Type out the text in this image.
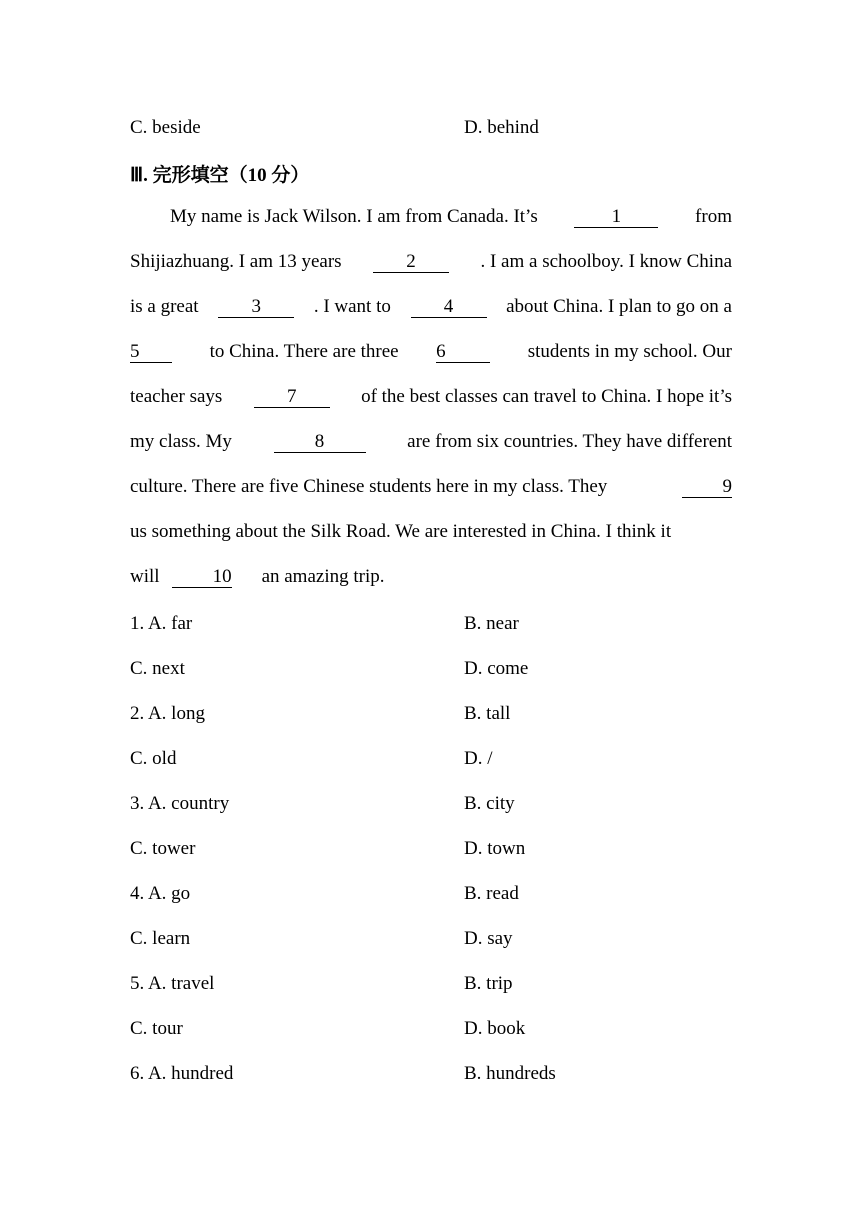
C. beside	D. behind
Ⅲ. 完形填空（10 分）
My name is Jack Wilson. I am from Canada. It’s	1	from
Shijiazhuang. I am 13 years	2	. I am a schoolboy. I know China
is a great	3	. I want to	4	about China. I plan to go on a
5	to China. There are three 6	students in my school. Our
teacher says	7	of the best classes can travel to China. I hope it’s
my class. My	8	are from six countries. They have different
culture. There are five Chinese students here in my class. They	9
us something about the Silk Road. We are interested in China. I think it
will	10 an amazing trip.
1. A. far	B. near
C. next	D. come
2. A. long	B. tall
C. old	D. /
3. A. country	B. city
C. tower	D. town
4. A. go	B. read
C. learn	D. say
5. A. travel	B. trip
C. tour	D. book
6. A. hundred	B. hundreds
